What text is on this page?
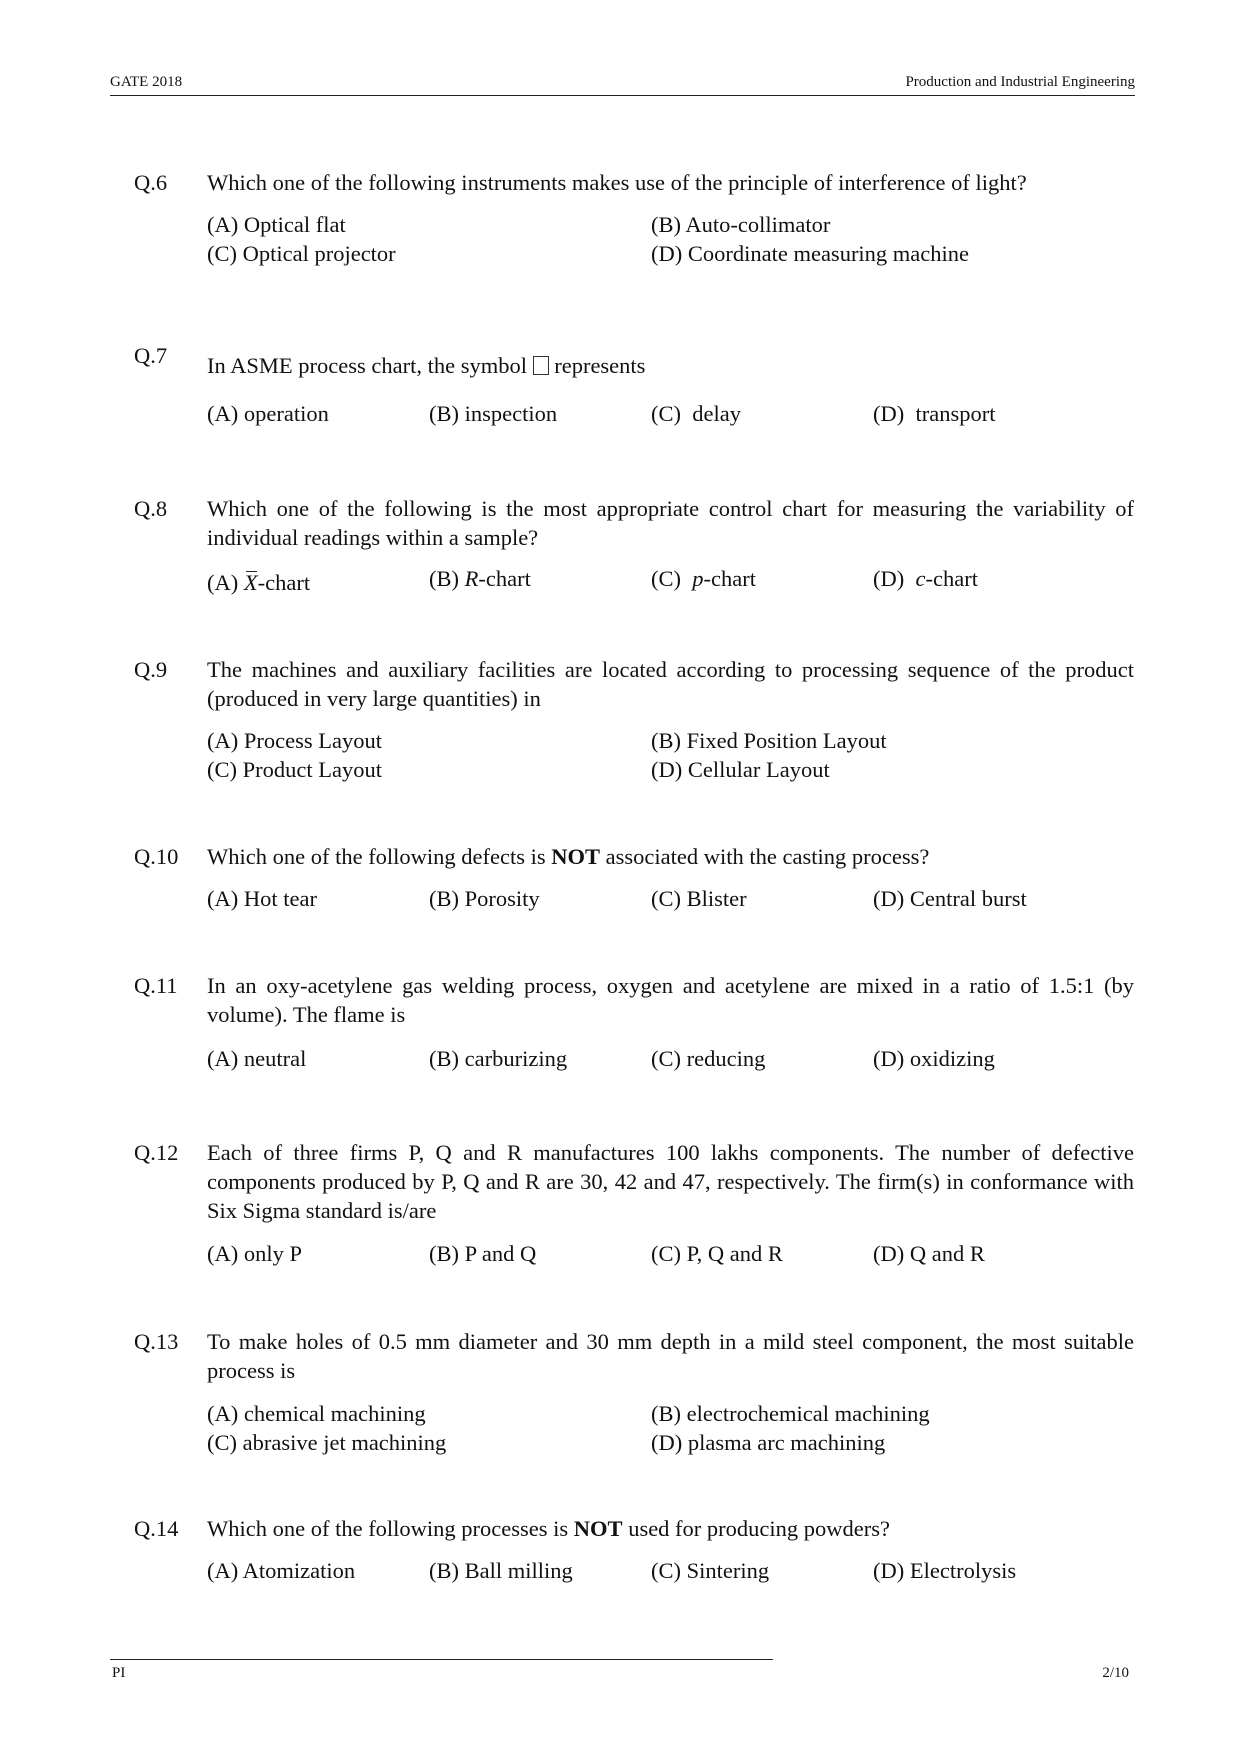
GATE 2018	Production and Industrial Engineering
Q.6 Which one of the following instruments makes use of the principle of interference of light?
(A) Optical flat	(B) Auto-collimator
(C) Optical projector	(D) Coordinate measuring machine
Q.7 In ASME process chart, the symbol represents
(A) operation	(B) inspection	(C)  delay	(D)  transport
Q.8 Which one of the following is the most appropriate control chart for measuring the variability of individual readings within a sample?
(A) X-chart	(B) R-chart	(C)  p-chart	(D)  c-chart
Q.9 The machines and auxiliary facilities are located according to processing sequence of the product (produced in very large quantities) in
(A) Process Layout	(B) Fixed Position Layout
(C) Product Layout	(D) Cellular Layout
Q.10 Which one of the following defects is NOT associated with the casting process?
(A) Hot tear	(B) Porosity	(C) Blister	(D) Central burst
Q.11 In an oxy-acetylene gas welding process, oxygen and acetylene are mixed in a ratio of 1.5:1 (by volume). The flame is
(A) neutral	(B) carburizing	(C) reducing	(D) oxidizing
Q.12 Each of three firms P, Q and R manufactures 100 lakhs components. The number of defective components produced by P, Q and R are 30, 42 and 47, respectively. The firm(s) in conformance with Six Sigma standard is/are
(A) only P	(B) P and Q	(C) P, Q and R	(D) Q and R
Q.13 To make holes of 0.5 mm diameter and 30 mm depth in a mild steel component, the most suitable process is
(A) chemical machining	(B) electrochemical machining
(C) abrasive jet machining	(D) plasma arc machining
Q.14 Which one of the following processes is NOT used for producing powders?
(A) Atomization	(B) Ball milling	(C) Sintering	(D) Electrolysis
PI	2/10
